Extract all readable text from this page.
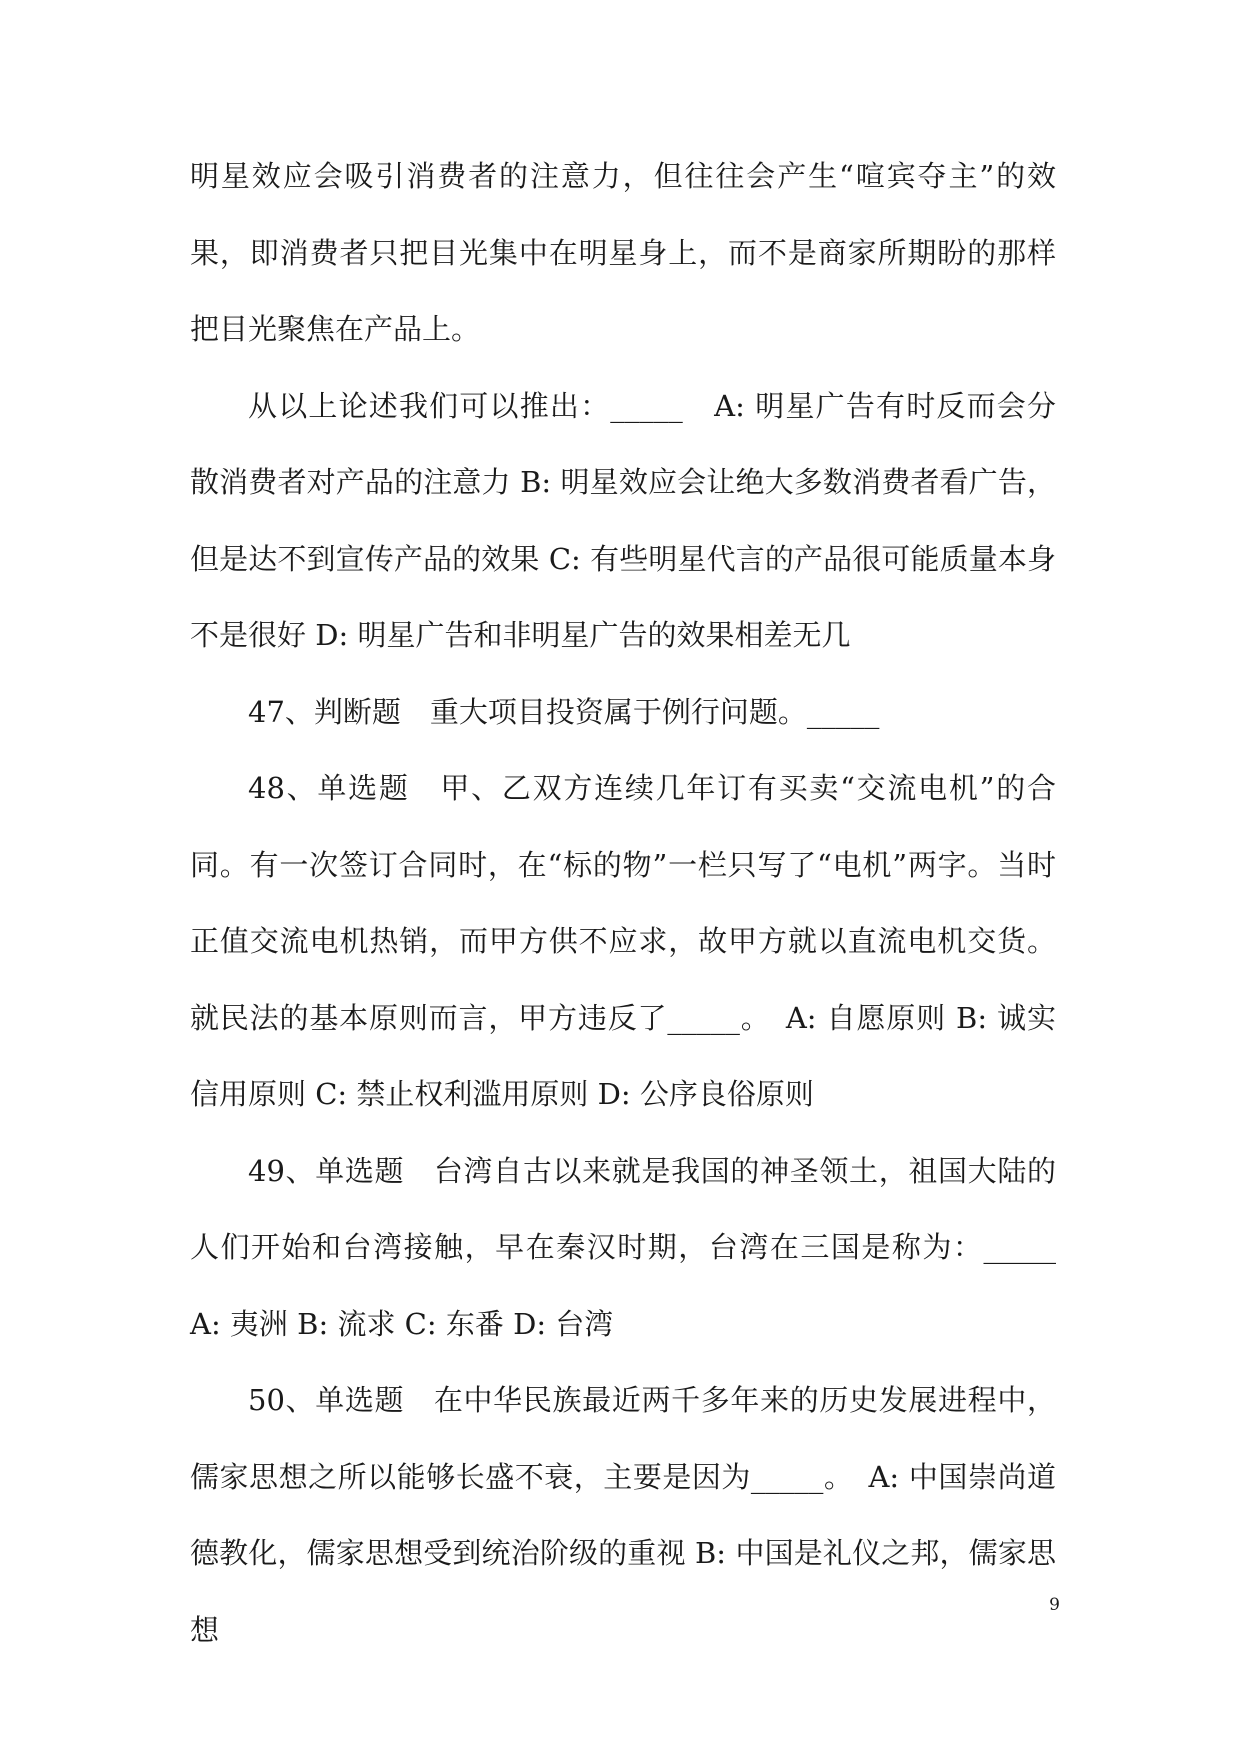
明星效应会吸引消费者的注意力，但往往会产生“喧宾夺主”的效果，即消费者只把目光集中在明星身上，而不是商家所期盼的那样把目光聚焦在产品上。

从以上论述我们可以推出：_____　A: 明星广告有时反而会分散消费者对产品的注意力 B: 明星效应会让绝大多数消费者看广告，但是达不到宣传产品的效果 C: 有些明星代言的产品很可能质量本身不是很好 D: 明星广告和非明星广告的效果相差无几

47、判断题　重大项目投资属于例行问题。_____

48、单选题　甲、乙双方连续几年订有买卖“交流电机”的合同。有一次签订合同时，在“标的物”一栏只写了“电机”两字。当时正值交流电机热销，而甲方供不应求，故甲方就以直流电机交货。就民法的基本原则而言，甲方违反了_____。　A: 自愿原则 B: 诚实信用原则 C: 禁止权利滥用原则 D: 公序良俗原则

49、单选题　台湾自古以来就是我国的神圣领土，祖国大陆的人们开始和台湾接触，早在秦汉时期，台湾在三国是称为：_____　A: 夷洲 B: 流求 C: 东番 D: 台湾

50、单选题　在中华民族最近两千多年来的历史发展进程中，儒家思想之所以能够长盛不衰，主要是因为_____。　A: 中国崇尚道德教化，儒家思想受到统治阶级的重视 B: 中国是礼仪之邦，儒家思想

9
